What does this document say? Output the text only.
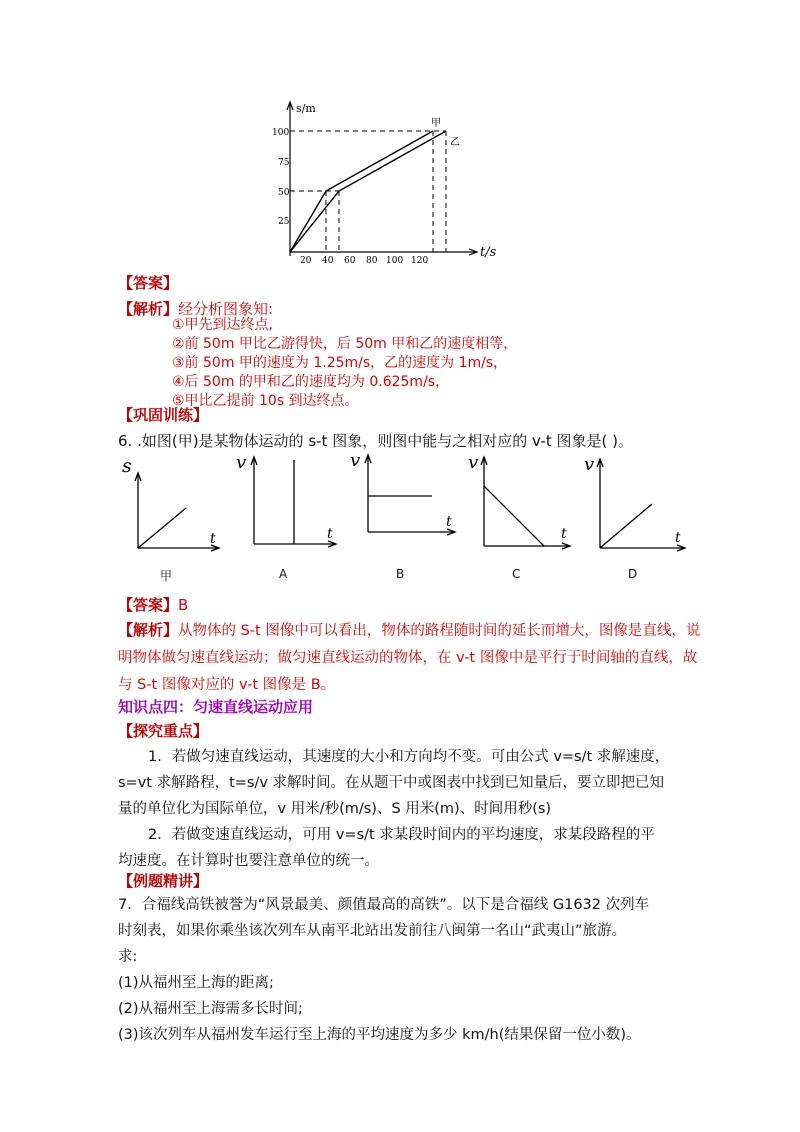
s/m
t/s
100
75
50
25
20 40 60 80 100 120
甲
乙
【答案】
【解析】经分析图象知:
①甲先到达终点,
②前 50m 甲比乙游得快，后 50m 甲和乙的速度相等，
③前 50m 甲的速度为 1.25m/s，乙的速度为 1m/s，
④后 50m 的甲和乙的速度均为 0.625m/s，
⑤甲比乙提前 10s 到达终点。
【巩固训练】
6. .如图(甲)是某物体运动的 s-t 图象，则图中能与之相对应的 v-t 图象是( )。
s
t
甲
v
t
A
v
t
B
v
t
C
v
t
D
【答案】B
【解析】从物体的 S-t 图像中可以看出，物体的路程随时间的延长而增大，图像是直线，说
明物体做匀速直线运动；做匀速直线运动的物体，在 v-t 图像中是平行于时间轴的直线，故
与 S-t 图像对应的 v-t 图像是 B。
知识点四：匀速直线运动应用
【探究重点】
1．若做匀速直线运动，其速度的大小和方向均不变。可由公式 v=s/t 求解速度，
s=vt 求解路程，t=s/v 求解时间。在从题干中或图表中找到已知量后，要立即把已知
量的单位化为国际单位，v 用米/秒(m/s)、S 用米(m)、时间用秒(s)
2．若做变速直线运动，可用 v=s/t 求某段时间内的平均速度，求某段路程的平
均速度。在计算时也要注意单位的统一。
【例题精讲】
7．合福线高铁被誉为“风景最美、颜值最高的高铁”。以下是合福线 G1632 次列车
时刻表，如果你乘坐该次列车从南平北站出发前往八闽第一名山“武夷山”旅游。
求:
(1)从福州至上海的距离;
(2)从福州至上海需多长时间;
(3)该次列车从福州发车运行至上海的平均速度为多少 km/h(结果保留一位小数)。
